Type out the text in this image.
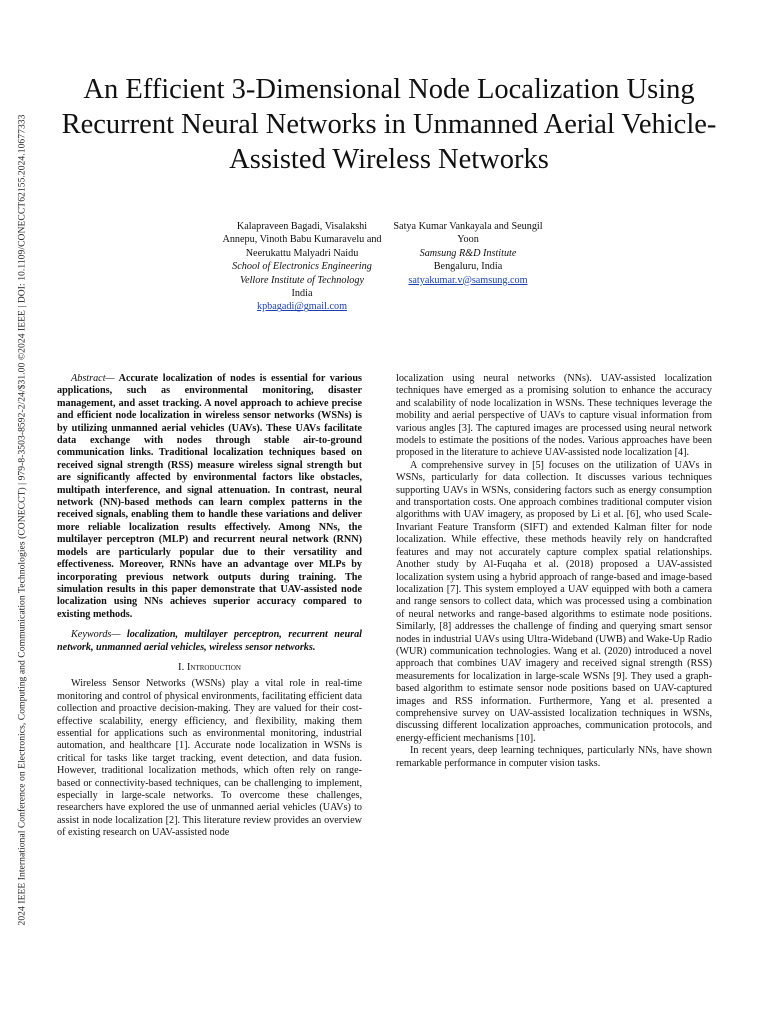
2024 IEEE International Conference on Electronics, Computing and Communication Technologies (CONECCT) | 979-8-3503-8592-2/24/$31.00 ©2024 IEEE | DOI: 10.1109/CONECCT62155.2024.10677333
An Efficient 3-Dimensional Node Localization Using Recurrent Neural Networks in Unmanned Aerial Vehicle-Assisted Wireless Networks
Kalapraveen Bagadi, Visalakshi Annepu, Vinoth Babu Kumaravelu and Neerukattu Malyadri Naidu
School of Electronics Engineering
Vellore Institute of Technology
India
kpbagadi@gmail.com
Satya Kumar Vankayala and Seungil Yoon
Samsung R&D Institute
Bengaluru, India
satyakumar.v@samsung.com

Abstract— Accurate localization of nodes is essential for various applications, such as environmental monitoring, disaster management, and asset tracking. A novel approach to achieve precise and efficient node localization in wireless sensor networks (WSNs) is by utilizing unmanned aerial vehicles (UAVs). These UAVs facilitate data exchange with nodes through stable air-to-ground communication links. Traditional localization techniques based on received signal strength (RSS) measure wireless signal strength but are significantly affected by environmental factors like obstacles, multipath interference, and signal attenuation. In contrast, neural network (NN)-based methods can learn complex patterns in the received signals, enabling them to handle these variations and deliver more reliable localization results effectively. Among NNs, the multilayer perceptron (MLP) and recurrent neural network (RNN) models are particularly popular due to their versatility and effectiveness. Moreover, RNNs have an advantage over MLPs by incorporating previous network outputs during training. The simulation results in this paper demonstrate that UAV-assisted node localization using NNs achieves superior accuracy compared to existing methods.

Keywords— localization, multilayer perceptron, recurrent neural network, unmanned aerial vehicles, wireless sensor networks.

I. Introduction

Wireless Sensor Networks (WSNs) play a vital role in real-time monitoring and control of physical environments, facilitating efficient data collection and proactive decision-making. They are valued for their cost-effective scalability, energy efficiency, and flexibility, making them essential for applications such as environmental monitoring, industrial automation, and healthcare [1]. Accurate node localization in WSNs is critical for tasks like target tracking, event detection, and data fusion. However, traditional localization methods, which often rely on range-based or connectivity-based techniques, can be challenging to implement, especially in large-scale networks. To overcome these challenges, researchers have explored the use of unmanned aerial vehicles (UAVs) to assist in node localization [2]. This literature review provides an overview of existing research on UAV-assisted node

localization using neural networks (NNs). UAV-assisted localization techniques have emerged as a promising solution to enhance the accuracy and scalability of node localization in WSNs. These techniques leverage the mobility and aerial perspective of UAVs to capture visual information from various angles [3]. The captured images are processed using neural network models to estimate the positions of the nodes. Various approaches have been proposed in the literature to achieve UAV-assisted node localization [4].

A comprehensive survey in [5] focuses on the utilization of UAVs in WSNs, particularly for data collection. It discusses various techniques supporting UAVs in WSNs, considering factors such as energy consumption and transportation costs. One approach combines traditional computer vision algorithms with UAV imagery, as proposed by Li et al. [6], who used Scale-Invariant Feature Transform (SIFT) and extended Kalman filter for node localization. While effective, these methods heavily rely on handcrafted features and may not accurately capture complex spatial relationships. Another study by Al-Fuqaha et al. (2018) proposed a UAV-assisted localization system using a hybrid approach of range-based and image-based localization [7]. This system employed a UAV equipped with both a camera and range sensors to collect data, which was processed using a combination of neural networks and range-based algorithms to estimate node positions. Similarly, [8] addresses the challenge of finding and querying smart sensor nodes in industrial UAVs using Ultra-Wideband (UWB) and Wake-Up Radio (WUR) communication technologies. Wang et al. (2020) introduced a novel approach that combines UAV imagery and received signal strength (RSS) measurements for localization in large-scale WSNs [9]. They used a graph-based algorithm to estimate sensor node positions based on UAV-captured images and RSS information. Furthermore, Yang et al. presented a comprehensive survey on UAV-assisted localization techniques in WSNs, discussing different localization approaches, communication protocols, and energy-efficient mechanisms [10].

In recent years, deep learning techniques, particularly NNs, have shown remarkable performance in computer vision tasks.
